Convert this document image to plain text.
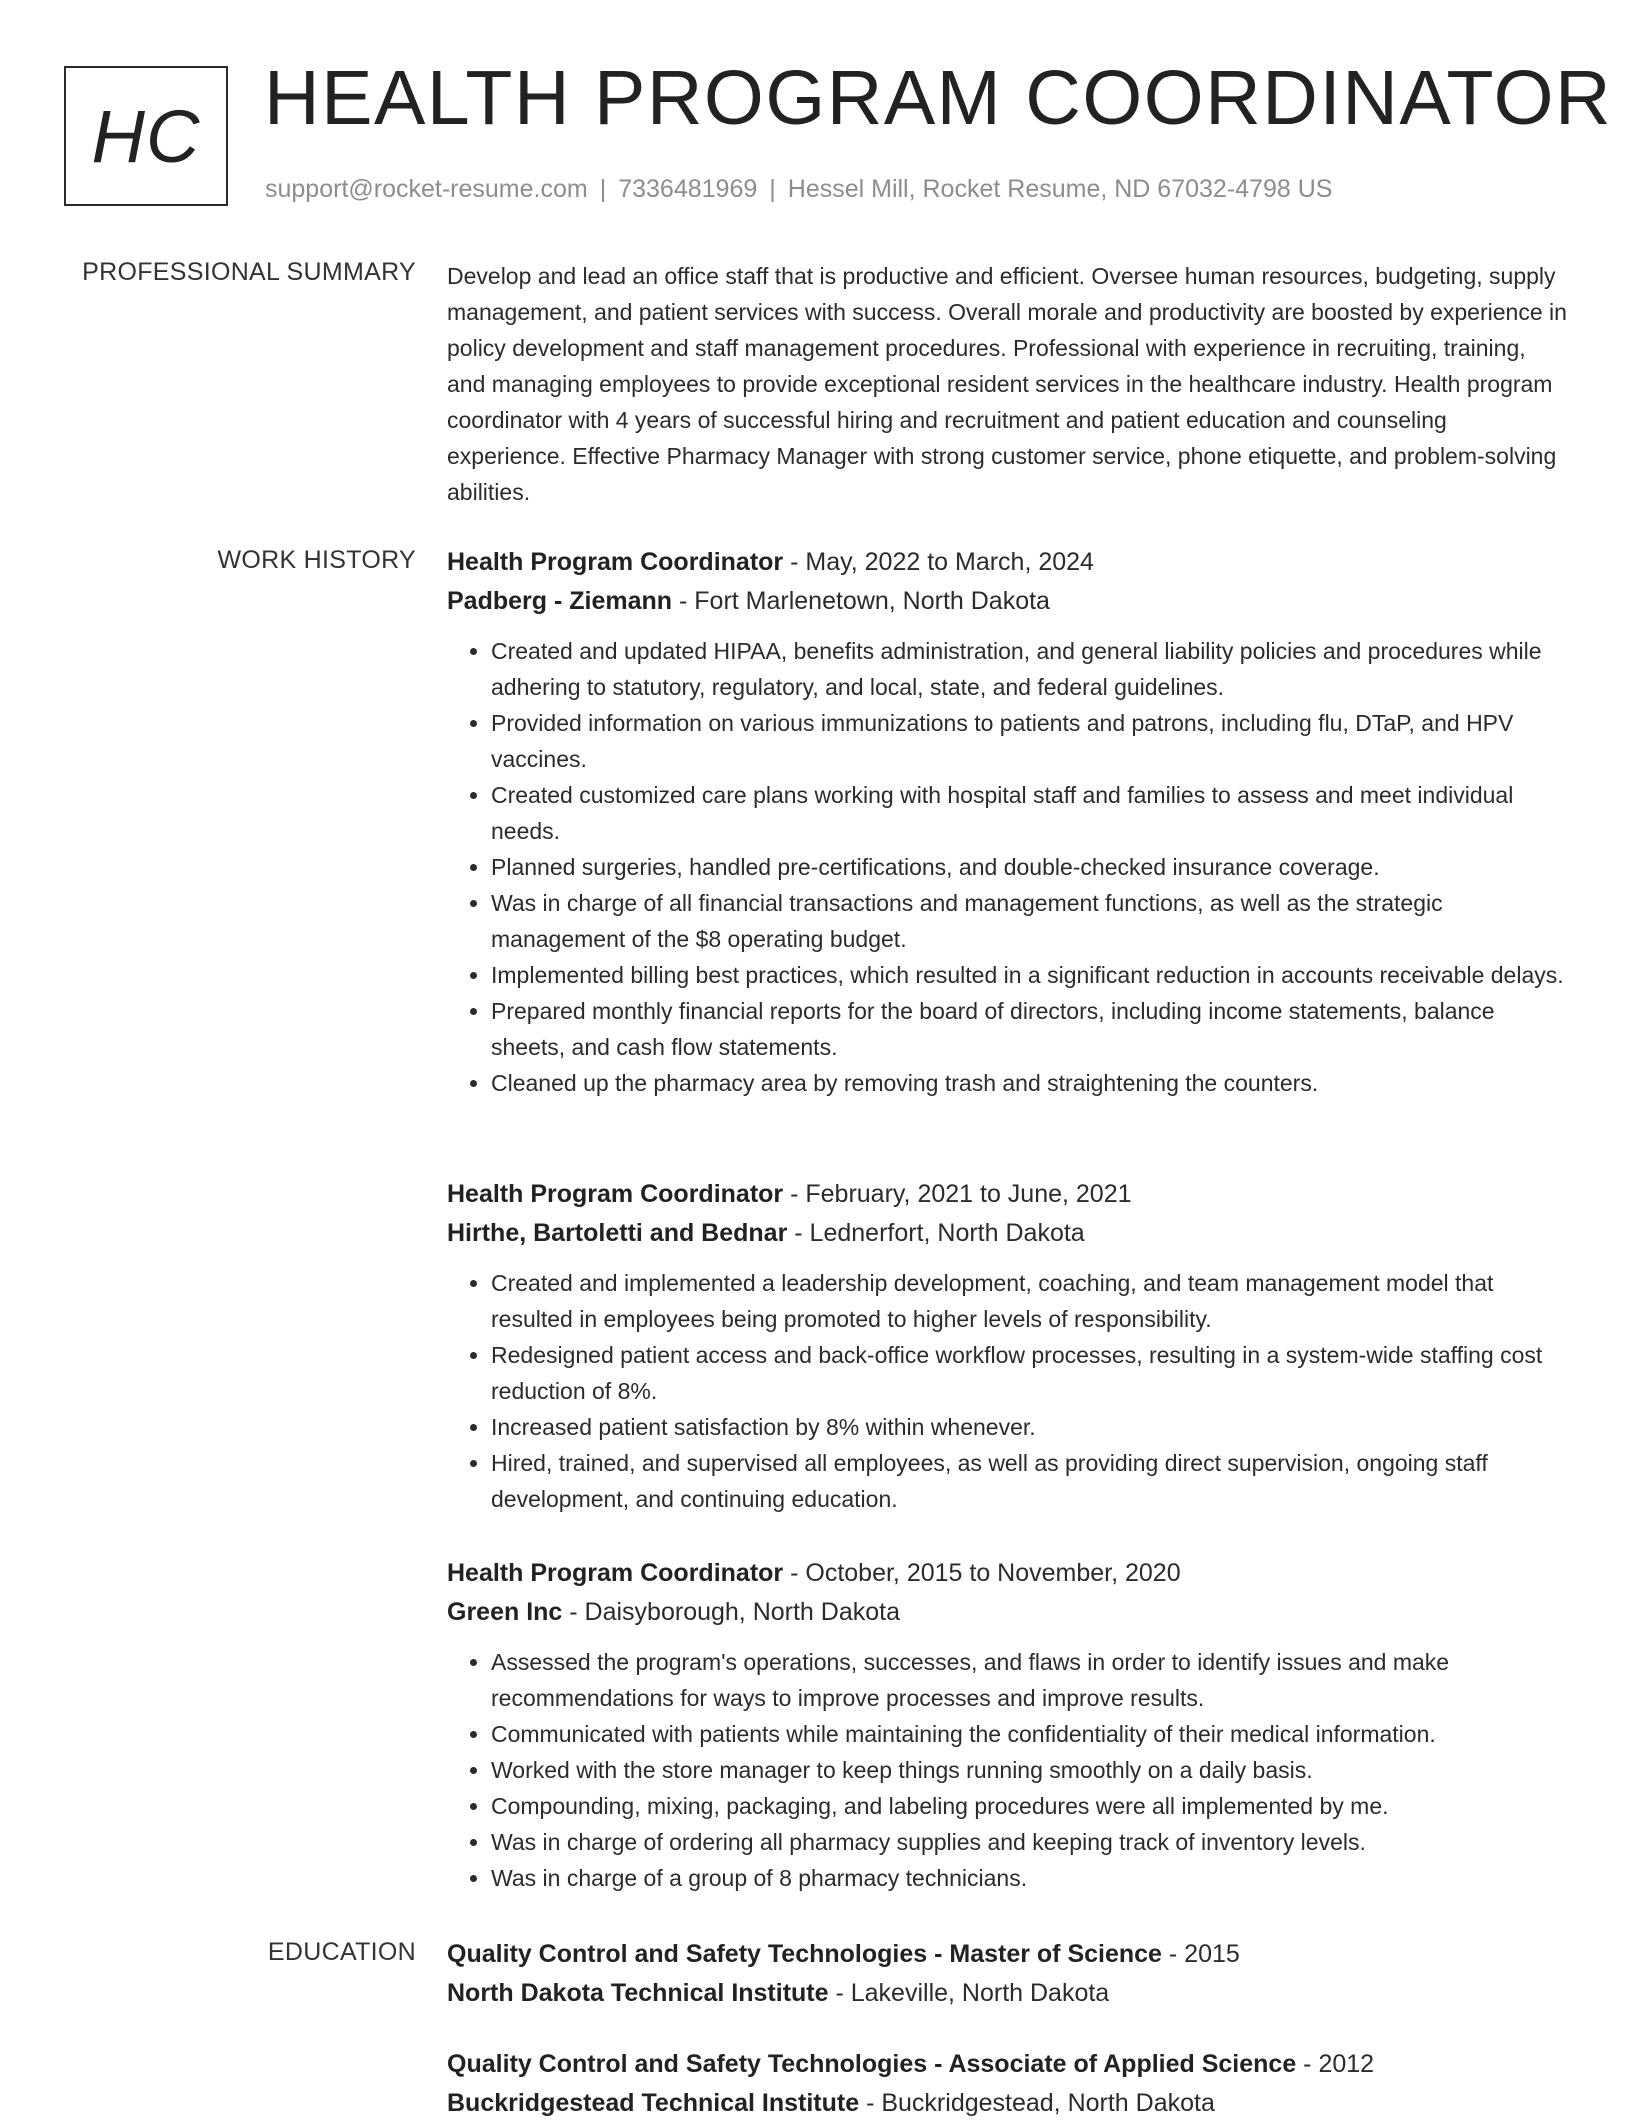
HC HEALTH PROGRAM COORDINATOR
support@rocket-resume.com | 7336481969 | Hessel Mill, Rocket Resume, ND 67032-4798 US
PROFESSIONAL SUMMARY Develop and lead an office staff that is productive and efficient. Oversee human resources, budgeting, supply management, and patient services with success. Overall morale and productivity are boosted by experience in policy development and staff management procedures. Professional with experience in recruiting, training, and managing employees to provide exceptional resident services in the healthcare industry. Health program coordinator with 4 years of successful hiring and recruitment and patient education and counseling experience. Effective Pharmacy Manager with strong customer service, phone etiquette, and problem-solving abilities.

WORK HISTORY Health Program Coordinator - May, 2022 to March, 2024

Padberg - Ziemann - Fort Marlenetown, North Dakota

• Created and updated HIPAA, benefits administration, and general liability policies and procedures while adhering to statutory, regulatory, and local, state, and federal guidelines.
• Provided information on various immunizations to patients and patrons, including flu, DTaP, and HPV vaccines.
• Created customized care plans working with hospital staff and families to assess and meet individual needs.
• Planned surgeries, handled pre-certifications, and double-checked insurance coverage.
• Was in charge of all financial transactions and management functions, as well as the strategic management of the $8 operating budget.
• Implemented billing best practices, which resulted in a significant reduction in accounts receivable delays.
• Prepared monthly financial reports for the board of directors, including income statements, balance sheets, and cash flow statements.
• Cleaned up the pharmacy area by removing trash and straightening the counters.

Health Program Coordinator - February, 2021 to June, 2021

Hirthe, Bartoletti and Bednar - Lednerfort, North Dakota

• Created and implemented a leadership development, coaching, and team management model that resulted in employees being promoted to higher levels of responsibility.
• Redesigned patient access and back-office workflow processes, resulting in a system-wide staffing cost reduction of 8%.
• Increased patient satisfaction by 8% within whenever.
• Hired, trained, and supervised all employees, as well as providing direct supervision, ongoing staff development, and continuing education.

Health Program Coordinator - October, 2015 to November, 2020

Green Inc - Daisyborough, North Dakota

• Assessed the program's operations, successes, and flaws in order to identify issues and make recommendations for ways to improve processes and improve results.
• Communicated with patients while maintaining the confidentiality of their medical information.
• Worked with the store manager to keep things running smoothly on a daily basis.
• Compounding, mixing, packaging, and labeling procedures were all implemented by me.
• Was in charge of ordering all pharmacy supplies and keeping track of inventory levels.
• Was in charge of a group of 8 pharmacy technicians.
EDUCATION Quality Control and Safety Technologies - Master of Science - 2015

North Dakota Technical Institute - Lakeville, North Dakota

Quality Control and Safety Technologies - Associate of Applied Science - 2012

Buckridgestead Technical Institute - Buckridgestead, North Dakota
